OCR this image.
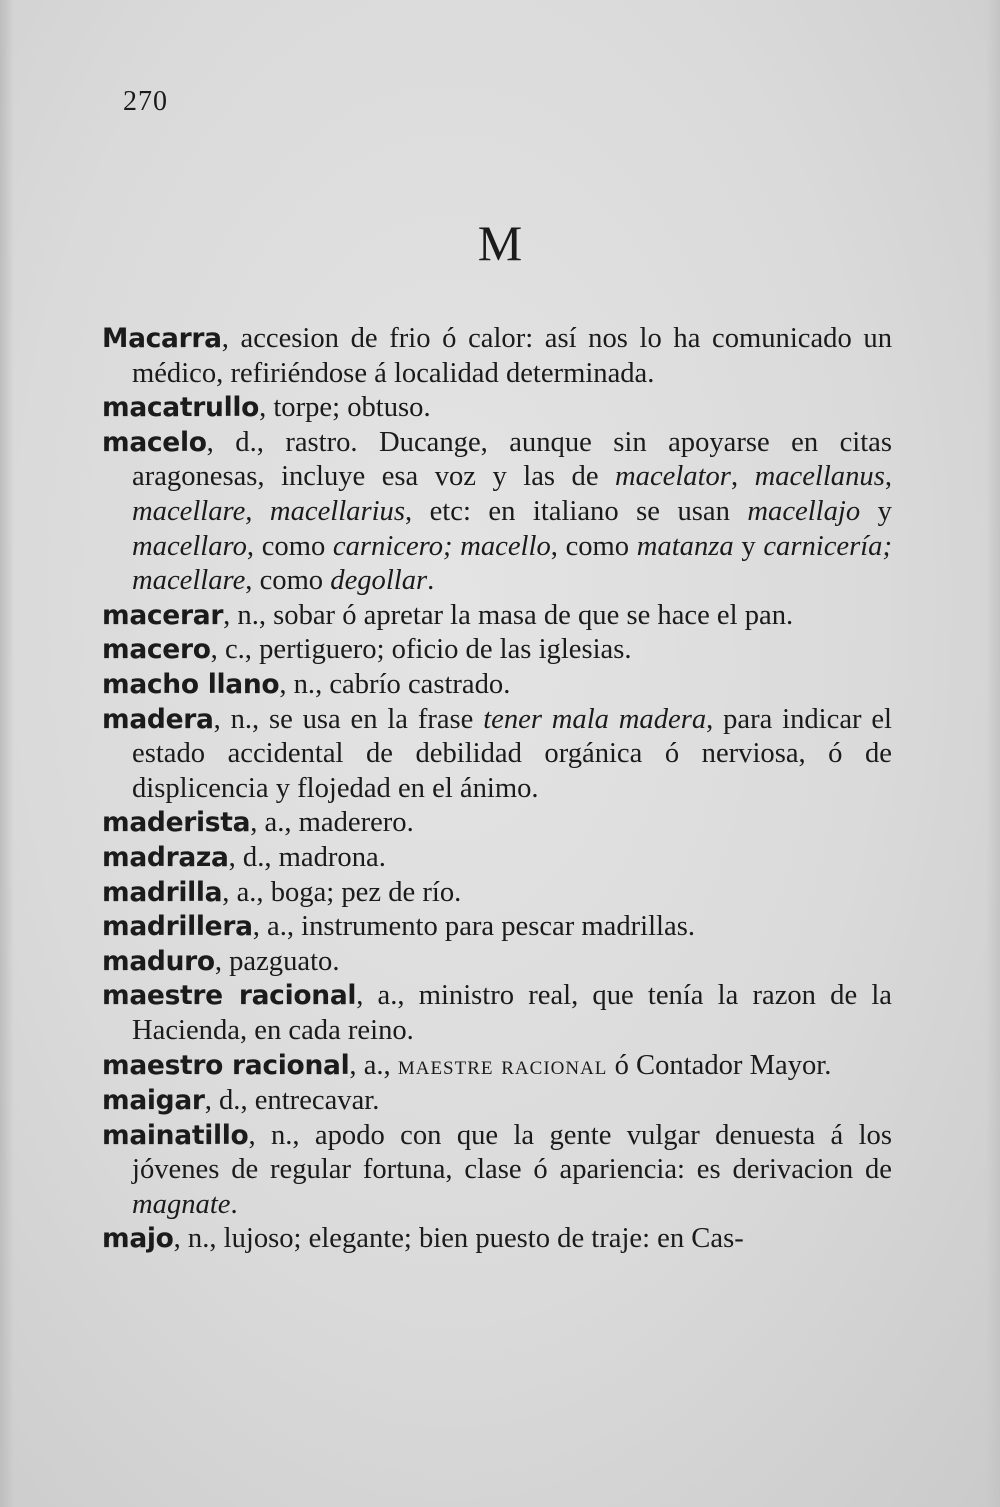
270
M

Macarra, accesion de frio ó calor: así nos lo ha comunicado un médico, refiriéndose á localidad determinada.

macatrullo, torpe; obtuso.

macelo, d., rastro. Ducange, aunque sin apoyarse en citas aragonesas, incluye esa voz y las de macelator, macellanus, macellare, macellarius, etc: en italiano se usan macellajo y macellaro, como carnicero; macello, como matanza y carnicería; macellare, como degollar.

macerar, n., sobar ó apretar la masa de que se hace el pan.

macero, c., pertiguero; oficio de las iglesias.

macho llano, n., cabrío castrado.

madera, n., se usa en la frase tener mala madera, para indicar el estado accidental de debilidad orgánica ó nerviosa, ó de displicencia y flojedad en el ánimo.

maderista, a., maderero.

madraza, d., madrona.

madrilla, a., boga; pez de río.

madrillera, a., instrumento para pescar madrillas.

maduro, pazguato.

maestre racional, a., ministro real, que tenía la razon de la Hacienda, en cada reino.

maestro racional, a., maestre racional ó Contador Mayor.

maigar, d., entrecavar.

mainatillo, n., apodo con que la gente vulgar denuesta á los jóvenes de regular fortuna, clase ó apariencia: es derivacion de magnate.

majo, n., lujoso; elegante; bien puesto de traje: en Cas-
